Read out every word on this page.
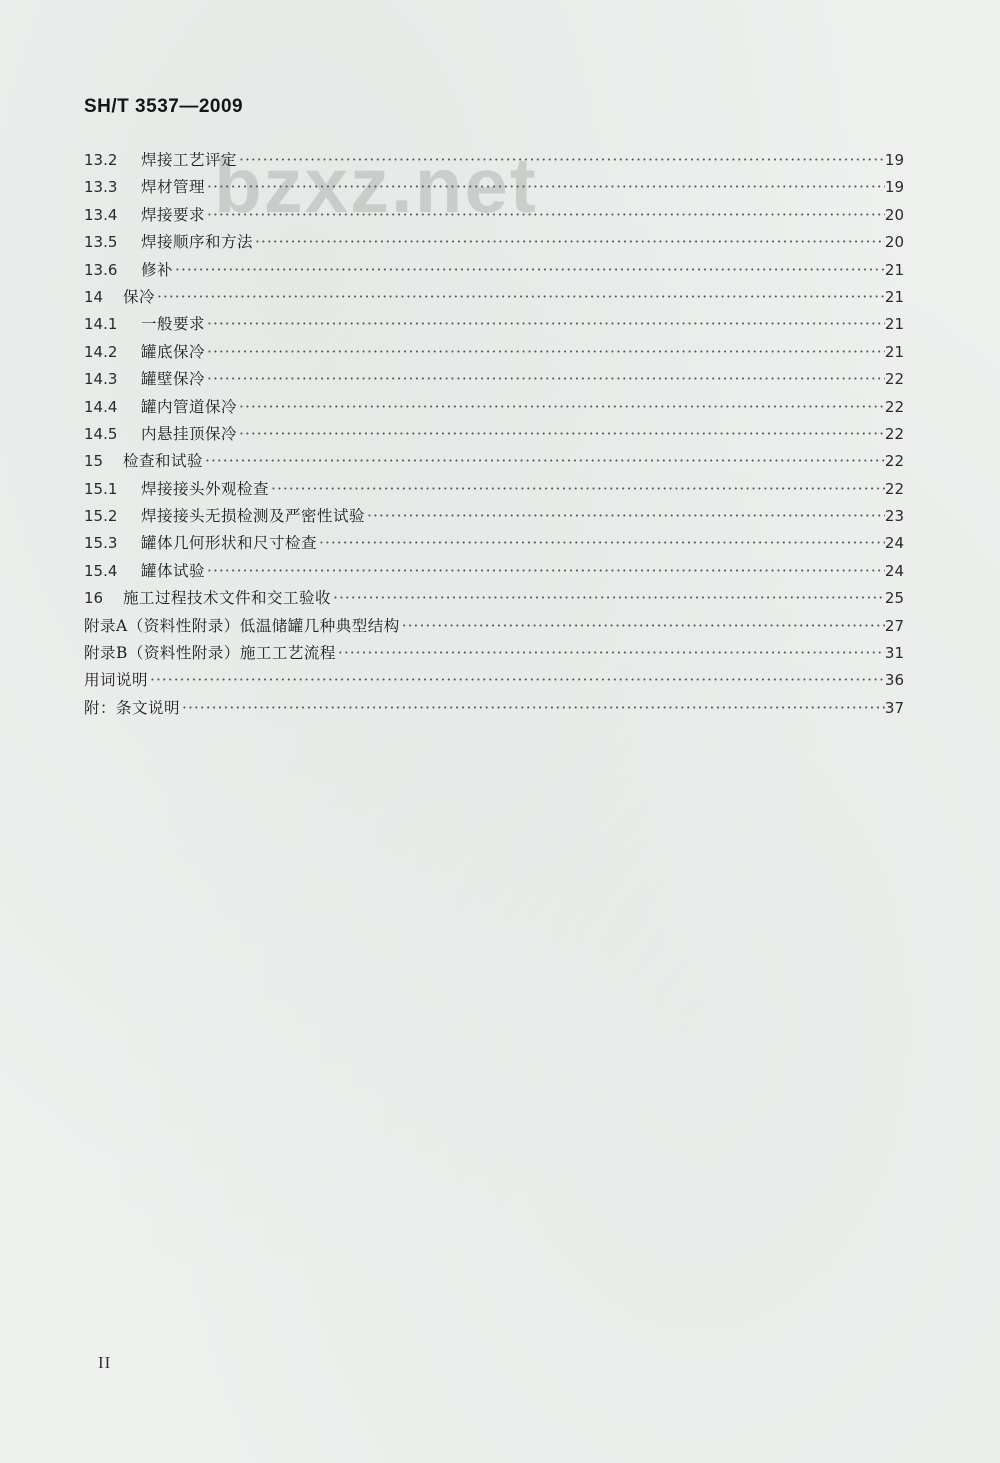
SH/T 3537—2009
bzxz.net
13.2	焊接工艺评定 ·····	19
13.3	焊材管理 ·····	19
13.4	焊接要求 ·····	20
13.5	焊接顺序和方法 ·····	20
13.6	修补 ·····	21
14	保冷 ·····	21
14.1	一般要求 ·····	21
14.2	罐底保冷 ·····	21
14.3	罐壁保冷 ·····	22
14.4	罐内管道保冷 ·····	22
14.5	内悬挂顶保冷 ·····	22
15	检查和试验 ·····	22
15.1	焊接接头外观检查 ·····	22
15.2	焊接接头无损检测及严密性试验 ·····	23
15.3	罐体几何形状和尺寸检查 ·····	24
15.4	罐体试验 ·····	24
16	施工过程技术文件和交工验收 ·····	25
附录A（资料性附录）低温储罐几种典型结构 ·····	27
附录B（资料性附录）施工工艺流程 ·····	31
用词说明 ·····	36
附：条文说明 ·····	37
II
